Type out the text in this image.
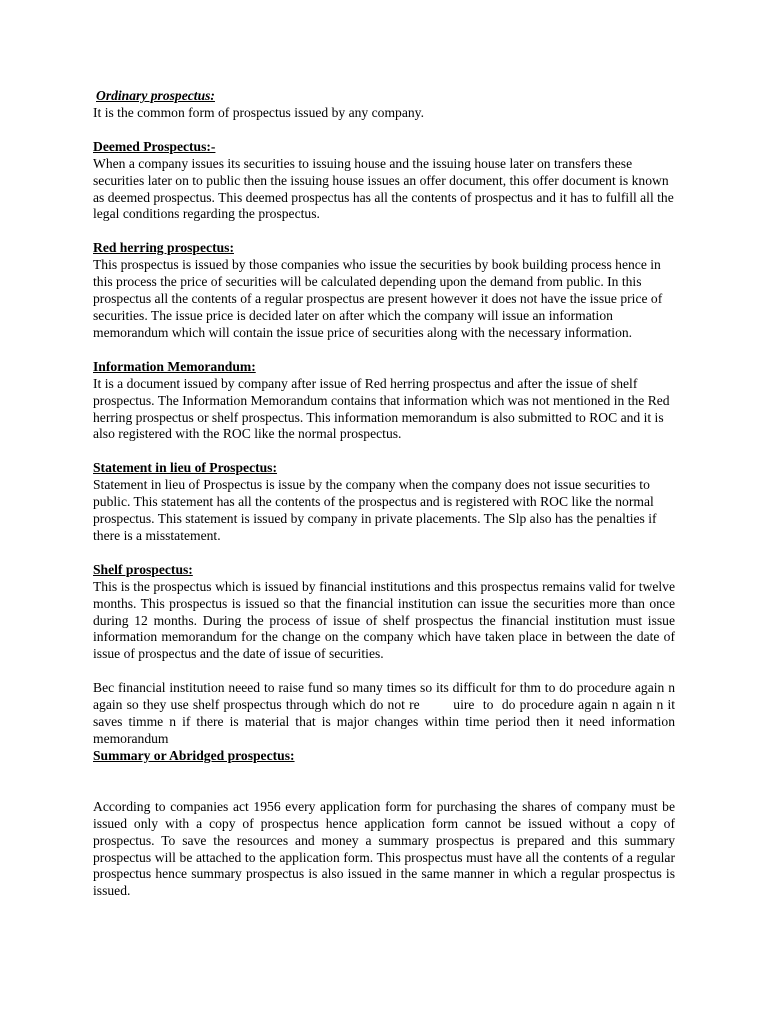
Ordinary prospectus:
It is the common form of prospectus issued by any company.
Deemed Prospectus:-
When a company issues its securities to issuing house and the issuing house later on transfers these securities later on to public then the issuing house issues an offer document, this offer document is known as deemed prospectus. This deemed prospectus has all the contents of prospectus and it has to fulfill all the legal conditions regarding the prospectus.
Red herring prospectus:
This prospectus is issued by those companies who issue the securities by book building process hence in this process the price of securities will be calculated depending upon the demand from public. In this prospectus all the contents of a regular prospectus are present however it does not have the issue price of securities. The issue price is decided later on after which the company will issue an information memorandum which will contain the issue price of securities along with the necessary information.
Information Memorandum:
It is a document issued by company after issue of Red herring prospectus and after the issue of shelf prospectus. The Information Memorandum contains that information which was not mentioned in the Red herring prospectus or shelf prospectus. This information memorandum is also submitted to ROC and it is also registered with the ROC like the normal prospectus.
Statement in lieu of Prospectus:
Statement in lieu of Prospectus is issue by the company when the company does not issue securities to public. This statement has all the contents of the prospectus and is registered with ROC like the normal prospectus. This statement is issued by company in private placements. The Slp also has the penalties if there is a misstatement.
Shelf prospectus:
This is the prospectus which is issued by financial institutions and this prospectus remains valid for twelve months. This prospectus is issued so that the financial institution can issue the securities more than once during 12 months. During the process of issue of shelf prospectus the financial institution must issue information memorandum for the change on the company which have taken place in between the date of issue of prospectus and the date of issue of securities.
Bec financial institution neeed to raise fund so many times so its difficult for thm to do procedure again n again so they use shelf prospectus through which do not re        uire  to  do procedure again n again n it saves timme n if there is material that is major changes within time period then it need information memorandum
Summary or Abridged prospectus:
According to companies act 1956 every application form for purchasing the shares of company must be issued only with a copy of prospectus hence application form cannot be issued without a copy of prospectus. To save the resources and money a summary prospectus is prepared and this summary prospectus will be attached to the application form. This prospectus must have all the contents of a regular prospectus hence summary prospectus is also issued in the same manner in which a regular prospectus is issued.
